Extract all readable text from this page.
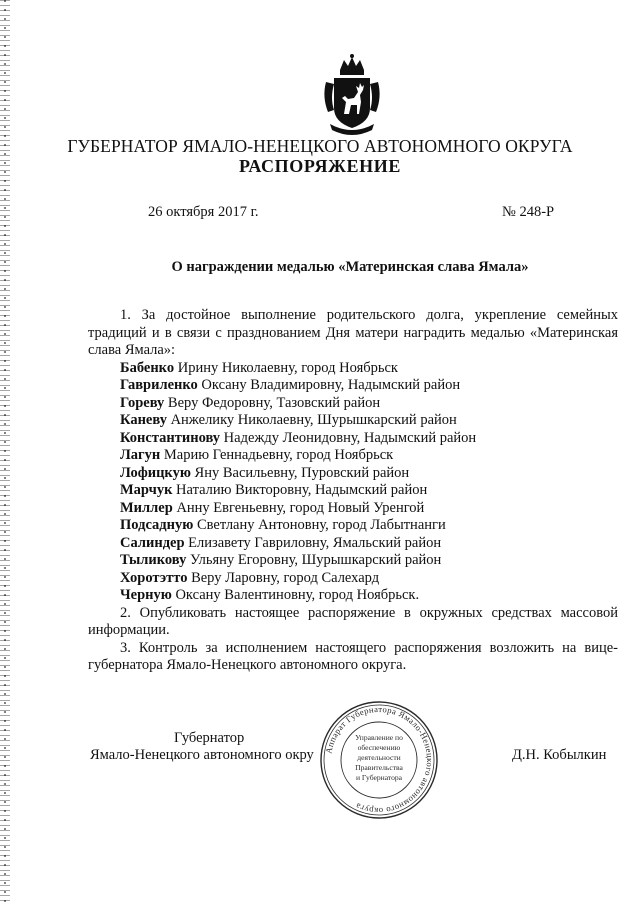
ГУБЕРНАТОР ЯМАЛО-НЕНЕЦКОГО АВТОНОМНОГО ОКРУГА
РАСПОРЯЖЕНИЕ
26 октября 2017 г.	№ 248-Р
О награждении медалью «Материнская слава Ямала»

1. За достойное выполнение родительского долга, укрепление семейных традиций и в связи с празднованием Дня матери наградить медалью «Материнская слава Ямала»:

Бабенко Ирину Николаевну, город Ноябрьск
Гавриленко Оксану Владимировну, Надымский район
Гореву Веру Федоровну, Тазовский район
Каневу Анжелику Николаевну, Шурышкарский район
Константинову Надежду Леонидовну, Надымский район
Лагун Марию Геннадьевну, город Ноябрьск
Лофицкую Яну Васильевну, Пуровский район
Марчук Наталию Викторовну, Надымский район
Миллер Анну Евгеньевну, город Новый Уренгой
Подсадную Светлану Антоновну, город Лабытнанги
Салиндер Елизавету Гавриловну, Ямальский район
Тыликову Ульяну Егоровну, Шурышкарский район
Хоротэтто Веру Ларовну, город Салехард
Черную Оксану Валентиновну, город Ноябрьск.

2. Опубликовать настоящее распоряжение в окружных средствах массовой информации.

3. Контроль за исполнением настоящего распоряжения возложить на вице-губернатора Ямало-Ненецкого автономного округа.

Губернатор
Ямало-Ненецкого автономного окру	Д.Н. Кобылкин
Аппарат Губернатора Ямало-Ненецкого автономного округа
Управление по
обеспечению
деятельности
Правительства
и Губернатора
